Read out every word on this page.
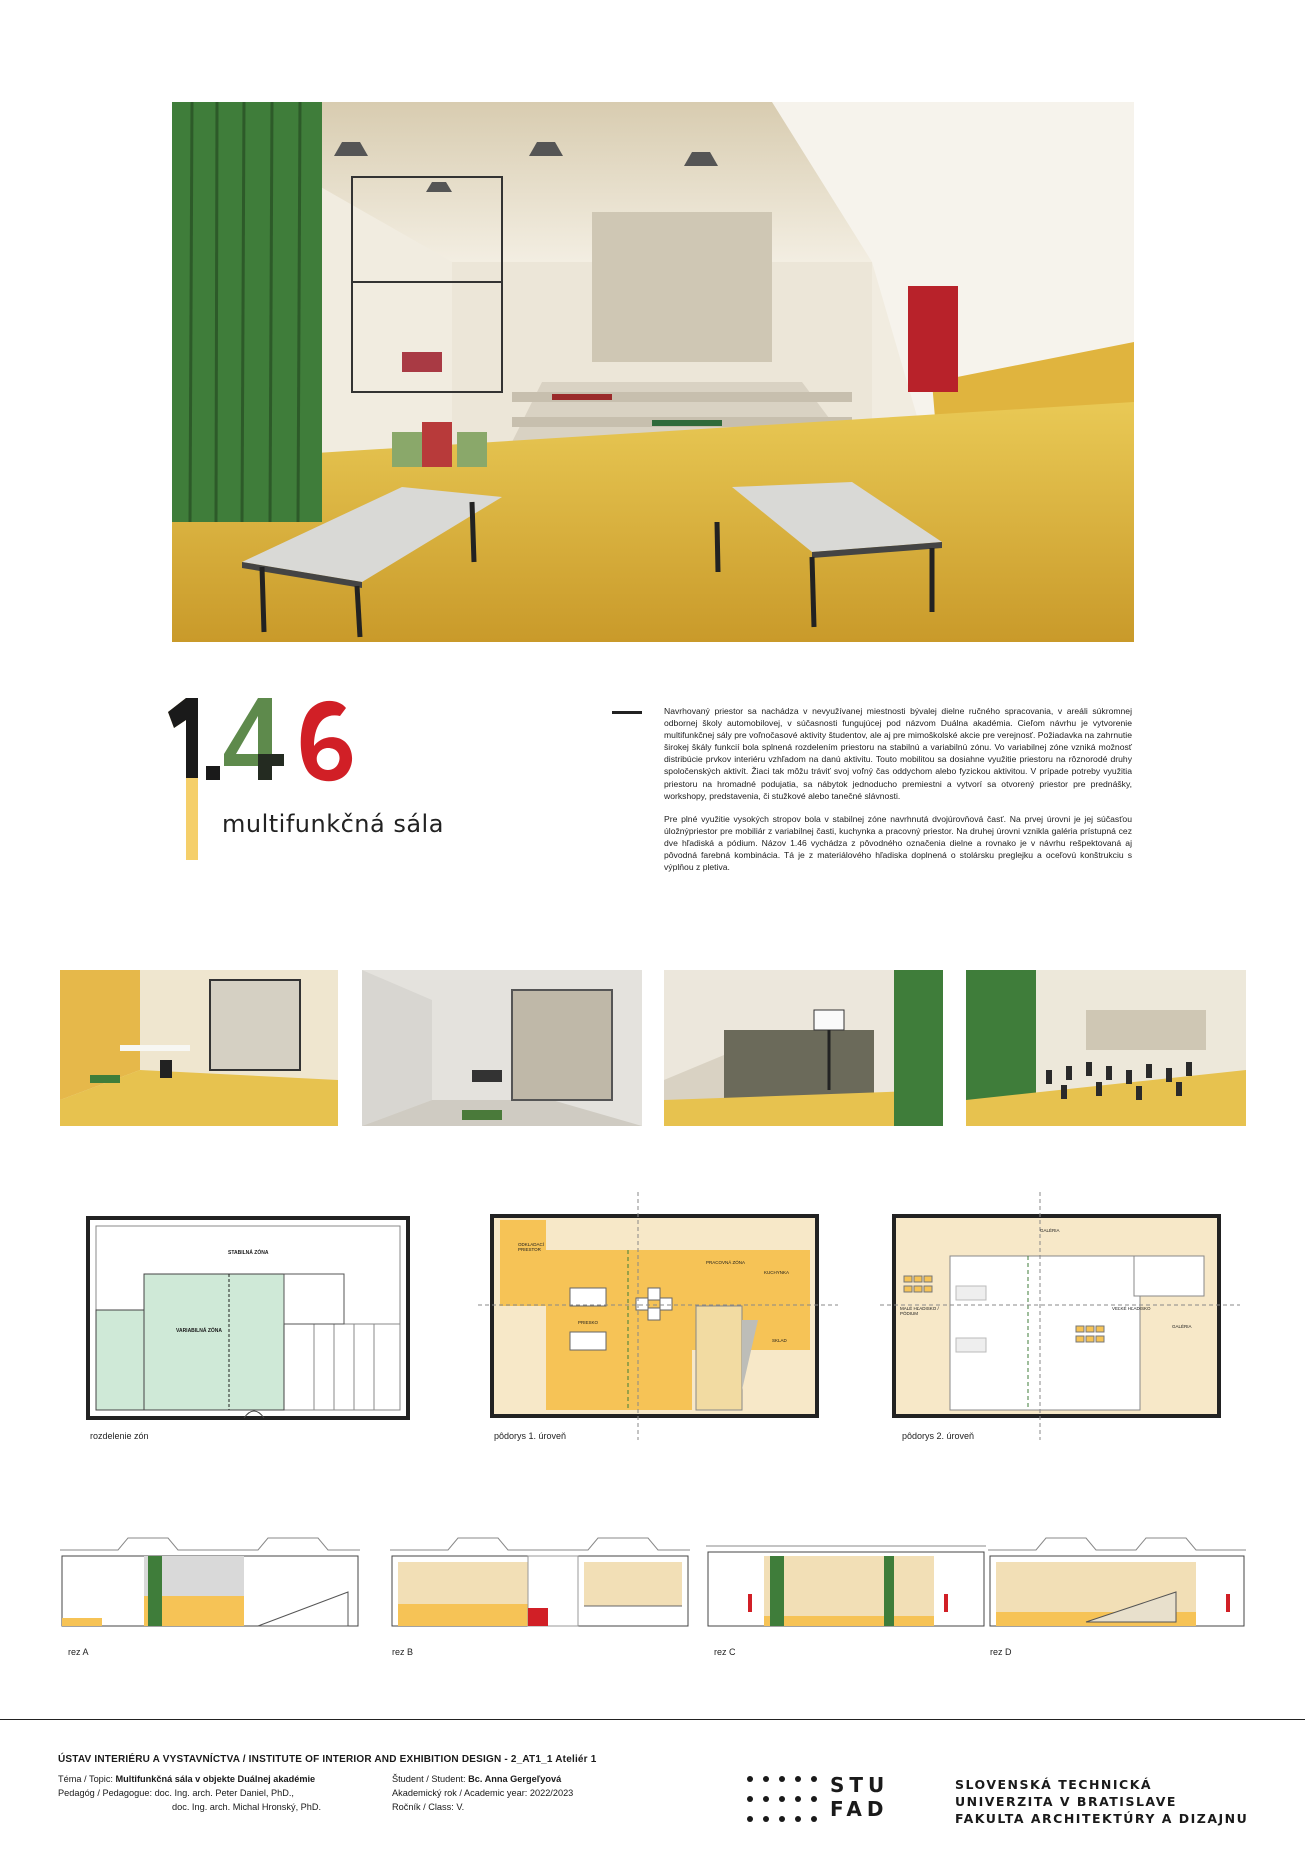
multifunkčná sála

Navrhovaný priestor sa nachádza v nevyužívanej miestnosti bývalej dielne ručného spracovania, v areáli súkromnej odbornej školy automobilovej, v súčasnosti fungujúcej pod názvom Duálna akadémia. Cieľom návrhu je vytvorenie multifunkčnej sály pre voľnočasové aktivity študentov, ale aj pre mimoškolské akcie pre verejnosť. Požiadavka na zahrnutie širokej škály funkcií bola splnená rozdelením priestoru na stabilnú a variabilnú zónu. Vo variabilnej zóne vzniká možnosť distribúcie prvkov interiéru vzhľadom na danú aktivitu. Touto mobilitou sa dosiahne využitie priestoru na rôznorodé druhy spoločenských aktivít. Žiaci tak môžu tráviť svoj voľný čas oddychom alebo fyzickou aktivitou. V prípade potreby využitia priestoru na hromadné podujatia, sa nábytok jednoducho premiestni a vytvorí sa otvorený priestor pre prednášky, workshopy, predstavenia, či stužkové alebo tanečné slávnosti.

Pre plné využitie vysokých stropov bola v stabilnej zóne navrhnutá dvojúrovňová časť. Na prvej úrovni je jej súčasťou úložnýpriestor pre mobiliár z variabilnej časti, kuchynka a pracovný priestor. Na druhej úrovni vznikla galéria prístupná cez dve hľadiská a pódium. Názov 1.46 vychádza z pôvodného označenia dielne a rovnako je v návrhu rešpektovaná aj pôvodná farebná kombinácia. Tá je z materiálového hľadiska doplnená o stolársku preglejku a oceľovú konštrukciu s výplňou z pletiva.

STABILNÁ ZÓNA
VARIABILNÁ ZÓNA
rozdelenie zón
ODKLADACÍ PRIESTOR
PRACOVNÁ ZÓNA
KUCHYNKA
PRIESKO
SKLAD
pôdorys 1. úroveň
GALÉRIA
MALÉ HĽADISKO / PÓDIUM
VEĽKÉ HĽADISKO
GALÉRIA
pôdorys 2. úroveň
rez A	rez B	rez C	rez D
ÚSTAV INTERIÉRU A VYSTAVNÍCTVA / INSTITUTE OF INTERIOR AND EXHIBITION DESIGN - 2_AT1_1 Ateliér 1
Téma / Topic: Multifunkčná sála v objekte Duálnej akadémie
Pedagóg / Pedagogue: doc. Ing. arch. Peter Daniel, PhD.,
doc. Ing. arch. Michal Hronský, PhD.
Študent / Student: Bc. Anna Gergeľyová
Akademický rok / Academic year: 2022/2023
Ročník / Class: V.
STU
FAD
SLOVENSKÁ TECHNICKÁ
UNIVERZITA V BRATISLAVE
FAKULTA ARCHITEKTÚRY A DIZAJNU
